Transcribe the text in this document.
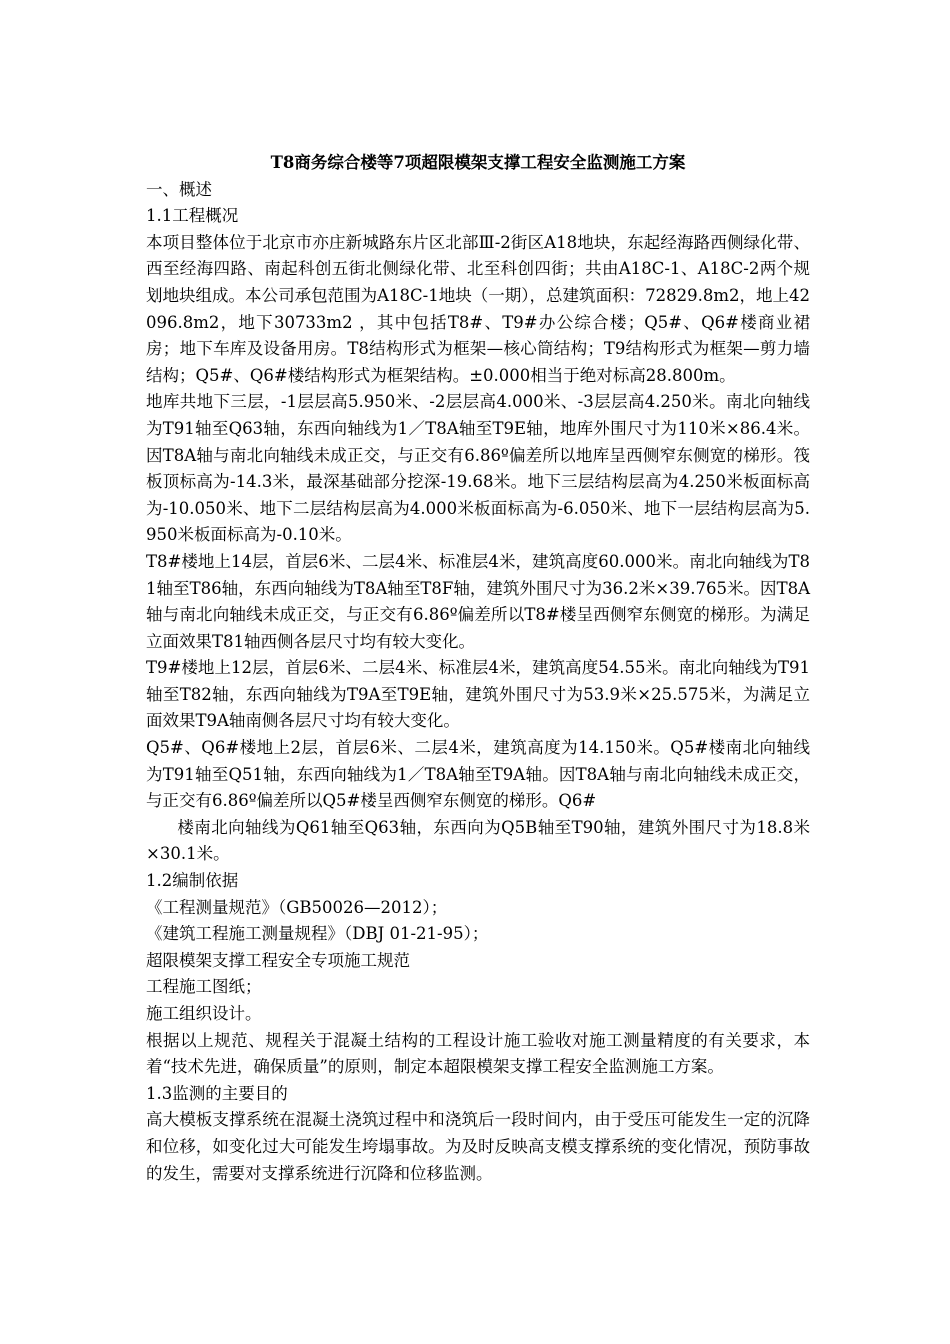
T8商务综合楼等7项超限模架支撑工程安全监测施工方案
一、概述
1.1工程概况
本项目整体位于北京市亦庄新城路东片区北部Ⅲ-2街区A18地块，东起经海路西侧绿化带、西至经海四路、南起科创五街北侧绿化带、北至科创四街；共由A18C-1、A18C-2两个规划地块组成。本公司承包范围为A18C-1地块（一期），总建筑面积：72829.8m2，地上42096.8m2，地下30733m2 ，其中包括T8#、T9#办公综合楼；Q5#、Q6#楼商业裙房；地下车库及设备用房。T8结构形式为框架—核心筒结构；T9结构形式为框架—剪力墙结构；Q5#、Q6#楼结构形式为框架结构。±0.000相当于绝对标高28.800m。
地库共地下三层，-1层层高5.950米、-2层层高4.000米、-3层层高4.250米。南北向轴线为T91轴至Q63轴，东西向轴线为1／T8A轴至T9E轴，地库外围尺寸为110米×86.4米。因T8A轴与南北向轴线未成正交，与正交有6.86º偏差所以地库呈西侧窄东侧宽的梯形。筏板顶标高为-14.3米，最深基础部分挖深-19.68米。地下三层结构层高为4.250米板面标高为-10.050米、地下二层结构层高为4.000米板面标高为-6.050米、地下一层结构层高为5.950米板面标高为-0.10米。
T8#楼地上14层，首层6米、二层4米、标准层4米，建筑高度60.000米。南北向轴线为T81轴至T86轴，东西向轴线为T8A轴至T8F轴，建筑外围尺寸为36.2米×39.765米。因T8A轴与南北向轴线未成正交，与正交有6.86º偏差所以T8#楼呈西侧窄东侧宽的梯形。为满足立面效果T81轴西侧各层尺寸均有较大变化。
T9#楼地上12层，首层6米、二层4米、标准层4米，建筑高度54.55米。南北向轴线为T91轴至T82轴，东西向轴线为T9A至T9E轴，建筑外围尺寸为53.9米×25.575米，为满足立面效果T9A轴南侧各层尺寸均有较大变化。
Q5#、Q6#楼地上2层，首层6米、二层4米，建筑高度为14.150米。Q5#楼南北向轴线为T91轴至Q51轴，东西向轴线为1／T8A轴至T9A轴。因T8A轴与南北向轴线未成正交，与正交有6.86º偏差所以Q5#楼呈西侧窄东侧宽的梯形。Q6#
楼南北向轴线为Q61轴至Q63轴，东西向为Q5B轴至T90轴，建筑外围尺寸为18.8米×30.1米。
1.2编制依据
《工程测量规范》（GB50026—2012）；
《建筑工程施工测量规程》（DBJ 01-21-95）；
超限模架支撑工程安全专项施工规范
工程施工图纸；
施工组织设计。
根据以上规范、规程关于混凝土结构的工程设计施工验收对施工测量精度的有关要求，本着“技术先进，确保质量”的原则，制定本超限模架支撑工程安全监测施工方案。
1.3监测的主要目的
高大模板支撑系统在混凝土浇筑过程中和浇筑后一段时间内，由于受压可能发生一定的沉降和位移，如变化过大可能发生垮塌事故。为及时反映高支模支撑系统的变化情况，预防事故的发生，需要对支撑系统进行沉降和位移监测。
